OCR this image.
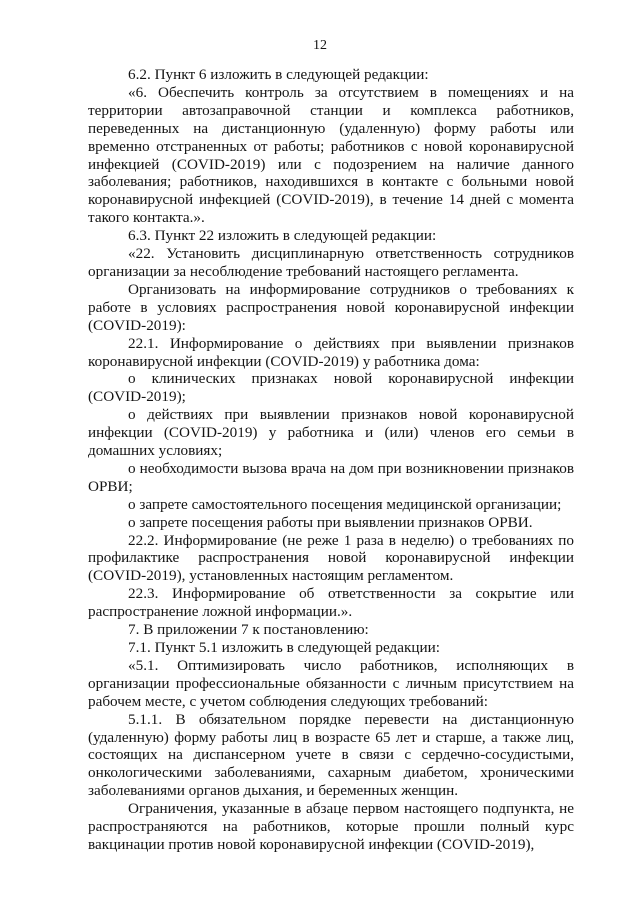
12

6.2. Пункт 6 изложить в следующей редакции:

«6. Обеспечить контроль за отсутствием в помещениях и на территории автозаправочной станции и комплекса работников, переведенных на дистанционную (удаленную) форму работы или временно отстраненных от работы; работников с новой коронавирусной инфекцией (COVID-2019) или с подозрением на наличие данного заболевания; работников, находившихся в контакте с больными новой коронавирусной инфекцией (COVID-2019), в течение 14 дней с момента такого контакта.».

6.3. Пункт 22 изложить в следующей редакции:

«22. Установить дисциплинарную ответственность сотрудников организации за несоблюдение требований настоящего регламента.

Организовать на информирование сотрудников о требованиях к работе в условиях распространения новой коронавирусной инфекции (COVID-2019):

22.1. Информирование о действиях при выявлении признаков коронавирусной инфекции (COVID-2019) у работника дома:

о клинических признаках новой коронавирусной инфекции (COVID-2019);

о действиях при выявлении признаков новой коронавирусной инфекции (COVID-2019) у работника и (или) членов его семьи в домашних условиях;

о необходимости вызова врача на дом при возникновении признаков ОРВИ;

о запрете самостоятельного посещения медицинской организации;

о запрете посещения работы при выявлении признаков ОРВИ.

22.2. Информирование (не реже 1 раза в неделю) о требованиях по профилактике распространения новой коронавирусной инфекции (COVID-2019), установленных настоящим регламентом.

22.3. Информирование об ответственности за сокрытие или распространение ложной информации.».

7. В приложении 7 к постановлению:

7.1. Пункт 5.1 изложить в следующей редакции:

«5.1. Оптимизировать число работников, исполняющих в организации профессиональные обязанности с личным присутствием на рабочем месте, с учетом соблюдения следующих требований:

5.1.1. В обязательном порядке перевести на дистанционную (удаленную) форму работы лиц в возрасте 65 лет и старше, а также лиц, состоящих на диспансерном учете в связи с сердечно-сосудистыми, онкологическими заболеваниями, сахарным диабетом, хроническими заболеваниями органов дыхания, и беременных женщин.

Ограничения, указанные в абзаце первом настоящего подпункта, не распространяются на работников, которые прошли полный курс вакцинации против новой коронавирусной инфекции (COVID-2019),
